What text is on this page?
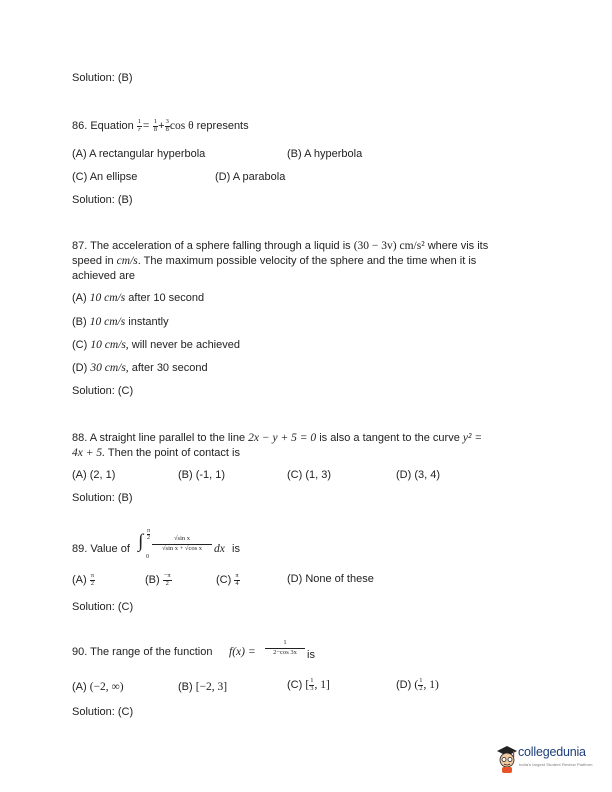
Solution: (B)
86. Equation $\frac{1}{r} = \frac{1}{8} + \frac{3}{8}$ cos θ represents
(A) A rectangular hyperbola	(B) A hyperbola
(C) An ellipse	(D) A parabola
Solution: (B)
87. The acceleration of a sphere falling through a liquid is (30 − 3v) cm/s² where vis its
speed in cm/s. The maximum possible velocity of the sphere and the time when it is
achieved are
(A) 10 cm/s after 10 second
(B) 10 cm/s instantly
(C) 10 cm/s, will never be achieved
(D) 30 cm/s, after 30 second
Solution: (C)
88. A straight line parallel to the line 2x − y + 5 = 0 is also a tangent to the curve y² =
4x + 5. Then the point of contact is
(A) (2, 1)	(B) (-1, 1)	(C) (1, 3)	(D) (3, 4)
Solution: (B)
89. Value of ∫ π
2
0
$\frac{\text{√sin x}}{\text{√sin x + √cos x}}$ dx is
$(A) \frac{\pi}{2}$	$(B) \frac{-\pi}{2}$	$(C) \frac{\pi}{4}$	(D) None of these
Solution: (C)
90. The range of the function $f(x) = \frac{1}{2-\cos 3x}$ is
(A) (−2, ∞)	(B) [−2, 3]	(C) [ $\frac{1}{3}$ , 1]	(D) ( $\frac{1}{2}$ , 1)
Solution: (C)
collegedunia
India's largest Student Review Platform
